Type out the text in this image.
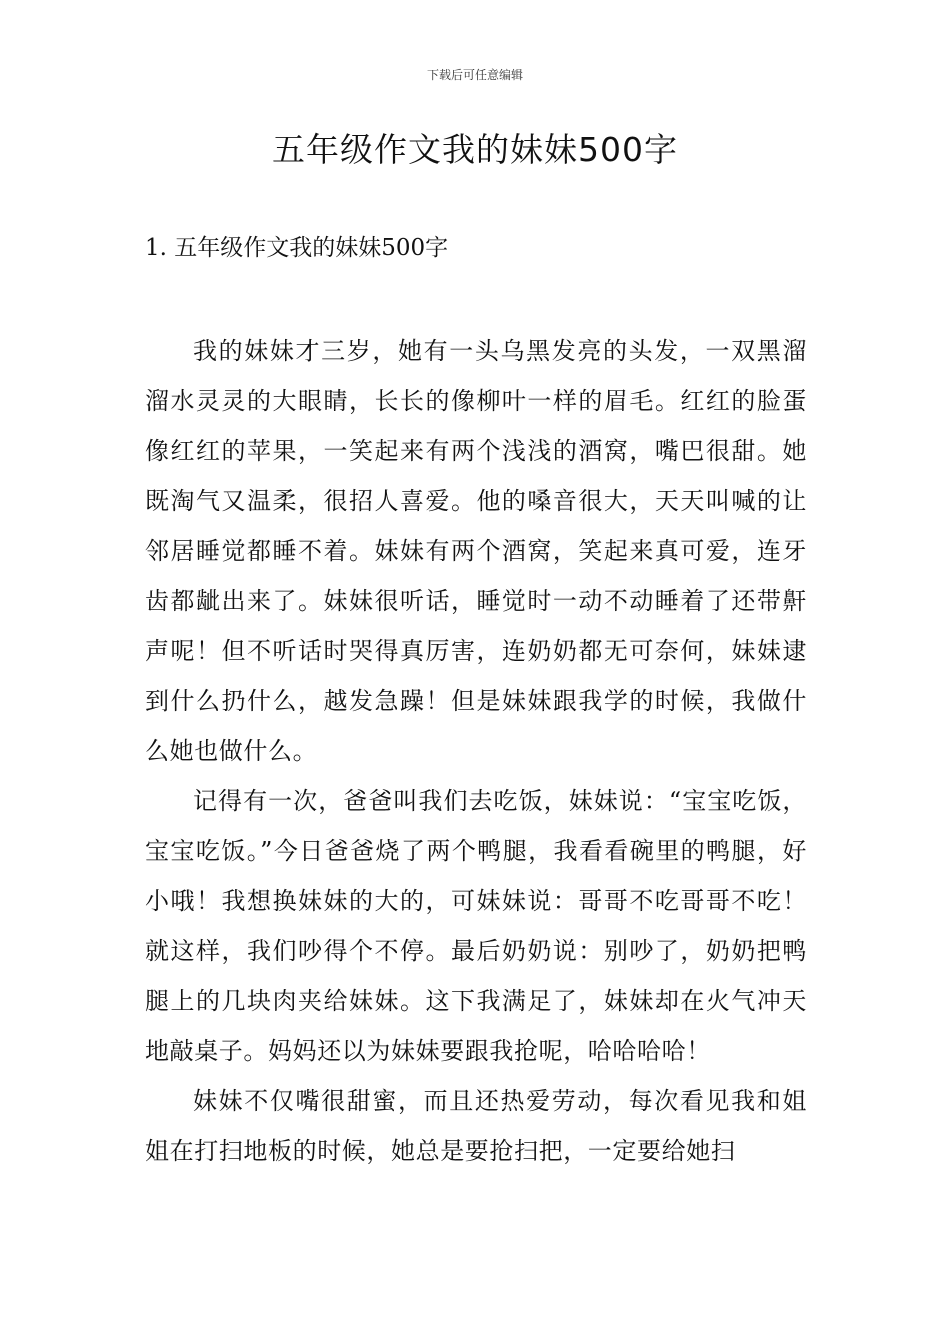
下载后可任意编辑
五年级作文我的妹妹500字
1. 五年级作文我的妹妹500字

我的妹妹才三岁，她有一头乌黑发亮的头发，一双黑溜溜水灵灵的大眼睛，长长的像柳叶一样的眉毛。红红的脸蛋像红红的苹果，一笑起来有两个浅浅的酒窝，嘴巴很甜。她既淘气又温柔，很招人喜爱。他的嗓音很大，天天叫喊的让邻居睡觉都睡不着。妹妹有两个酒窝，笑起来真可爱，连牙齿都龇出来了。妹妹很听话，睡觉时一动不动睡着了还带鼾声呢！但不听话时哭得真厉害，连奶奶都无可奈何，妹妹逮到什么扔什么，越发急躁！但是妹妹跟我学的时候，我做什么她也做什么。

记得有一次，爸爸叫我们去吃饭，妹妹说：“宝宝吃饭，宝宝吃饭。”今日爸爸烧了两个鸭腿，我看看碗里的鸭腿，好小哦！我想换妹妹的大的，可妹妹说：哥哥不吃哥哥不吃！就这样，我们吵得个不停。最后奶奶说：别吵了，奶奶把鸭腿上的几块肉夹给妹妹。这下我满足了，妹妹却在火气冲天地敲桌子。妈妈还以为妹妹要跟我抢呢，哈哈哈哈！

妹妹不仅嘴很甜蜜，而且还热爱劳动，每次看见我和姐姐在打扫地板的时候，她总是要抢扫把，一定要给她扫
